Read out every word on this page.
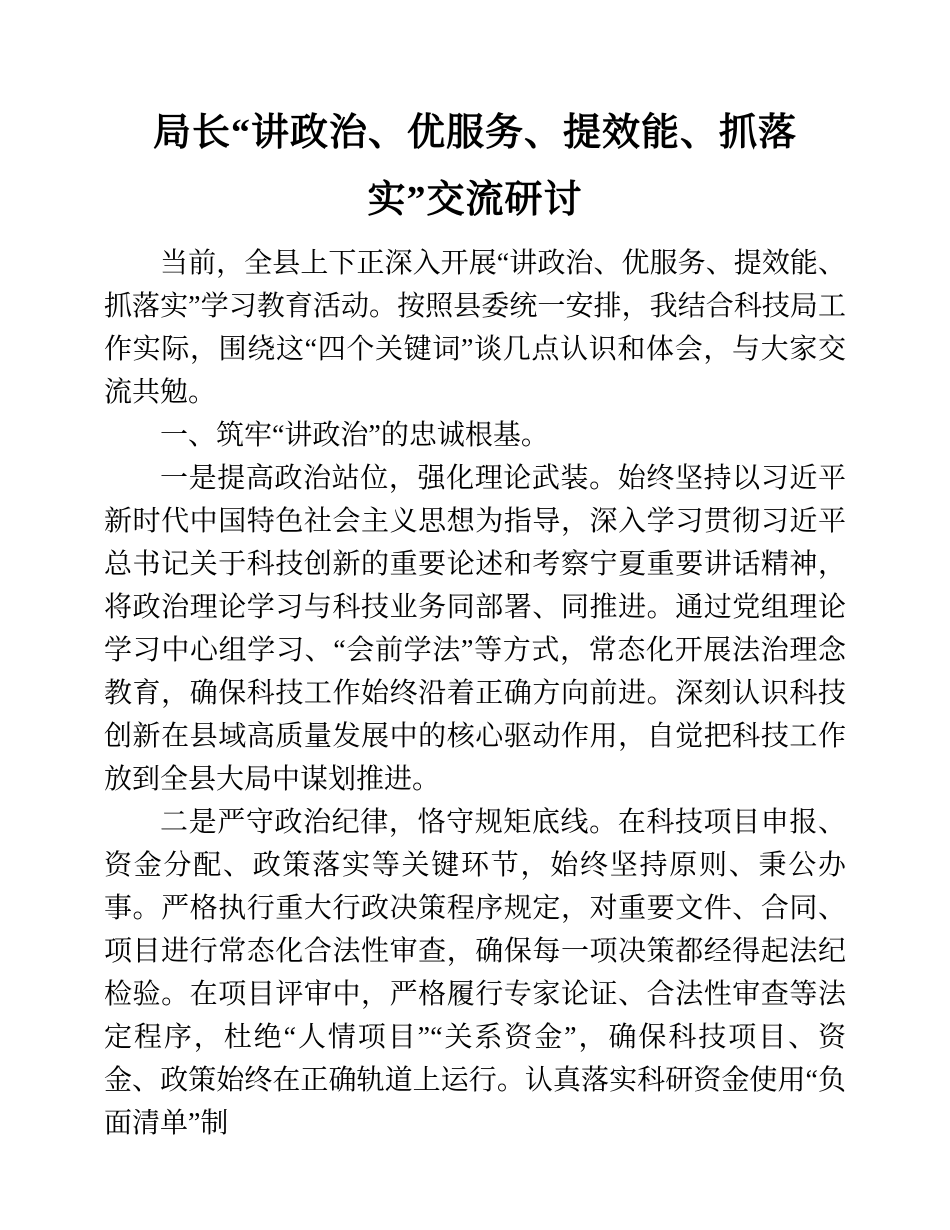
局长“讲政治、优服务、提效能、抓落
实”交流研讨

当前，全县上下正深入开展“讲政治、优服务、提效能、抓落实”学习教育活动。按照县委统一安排，我结合科技局工作实际，围绕这“四个关键词”谈几点认识和体会，与大家交流共勉。

一、筑牢“讲政治”的忠诚根基。

一是提高政治站位，强化理论武装。始终坚持以习近平新时代中国特色社会主义思想为指导，深入学习贯彻习近平总书记关于科技创新的重要论述和考察宁夏重要讲话精神，将政治理论学习与科技业务同部署、同推进。通过党组理论学习中心组学习、“会前学法”等方式，常态化开展法治理念教育，确保科技工作始终沿着正确方向前进。深刻认识科技创新在县域高质量发展中的核心驱动作用，自觉把科技工作放到全县大局中谋划推进。

二是严守政治纪律，恪守规矩底线。在科技项目申报、资金分配、政策落实等关键环节，始终坚持原则、秉公办事。严格执行重大行政决策程序规定，对重要文件、合同、项目进行常态化合法性审查，确保每一项决策都经得起法纪检验。在项目评审中，严格履行专家论证、合法性审查等法定程序，杜绝“人情项目”“关系资金”，确保科技项目、资金、政策始终在正确轨道上运行。认真落实科研资金使用“负面清单”制
